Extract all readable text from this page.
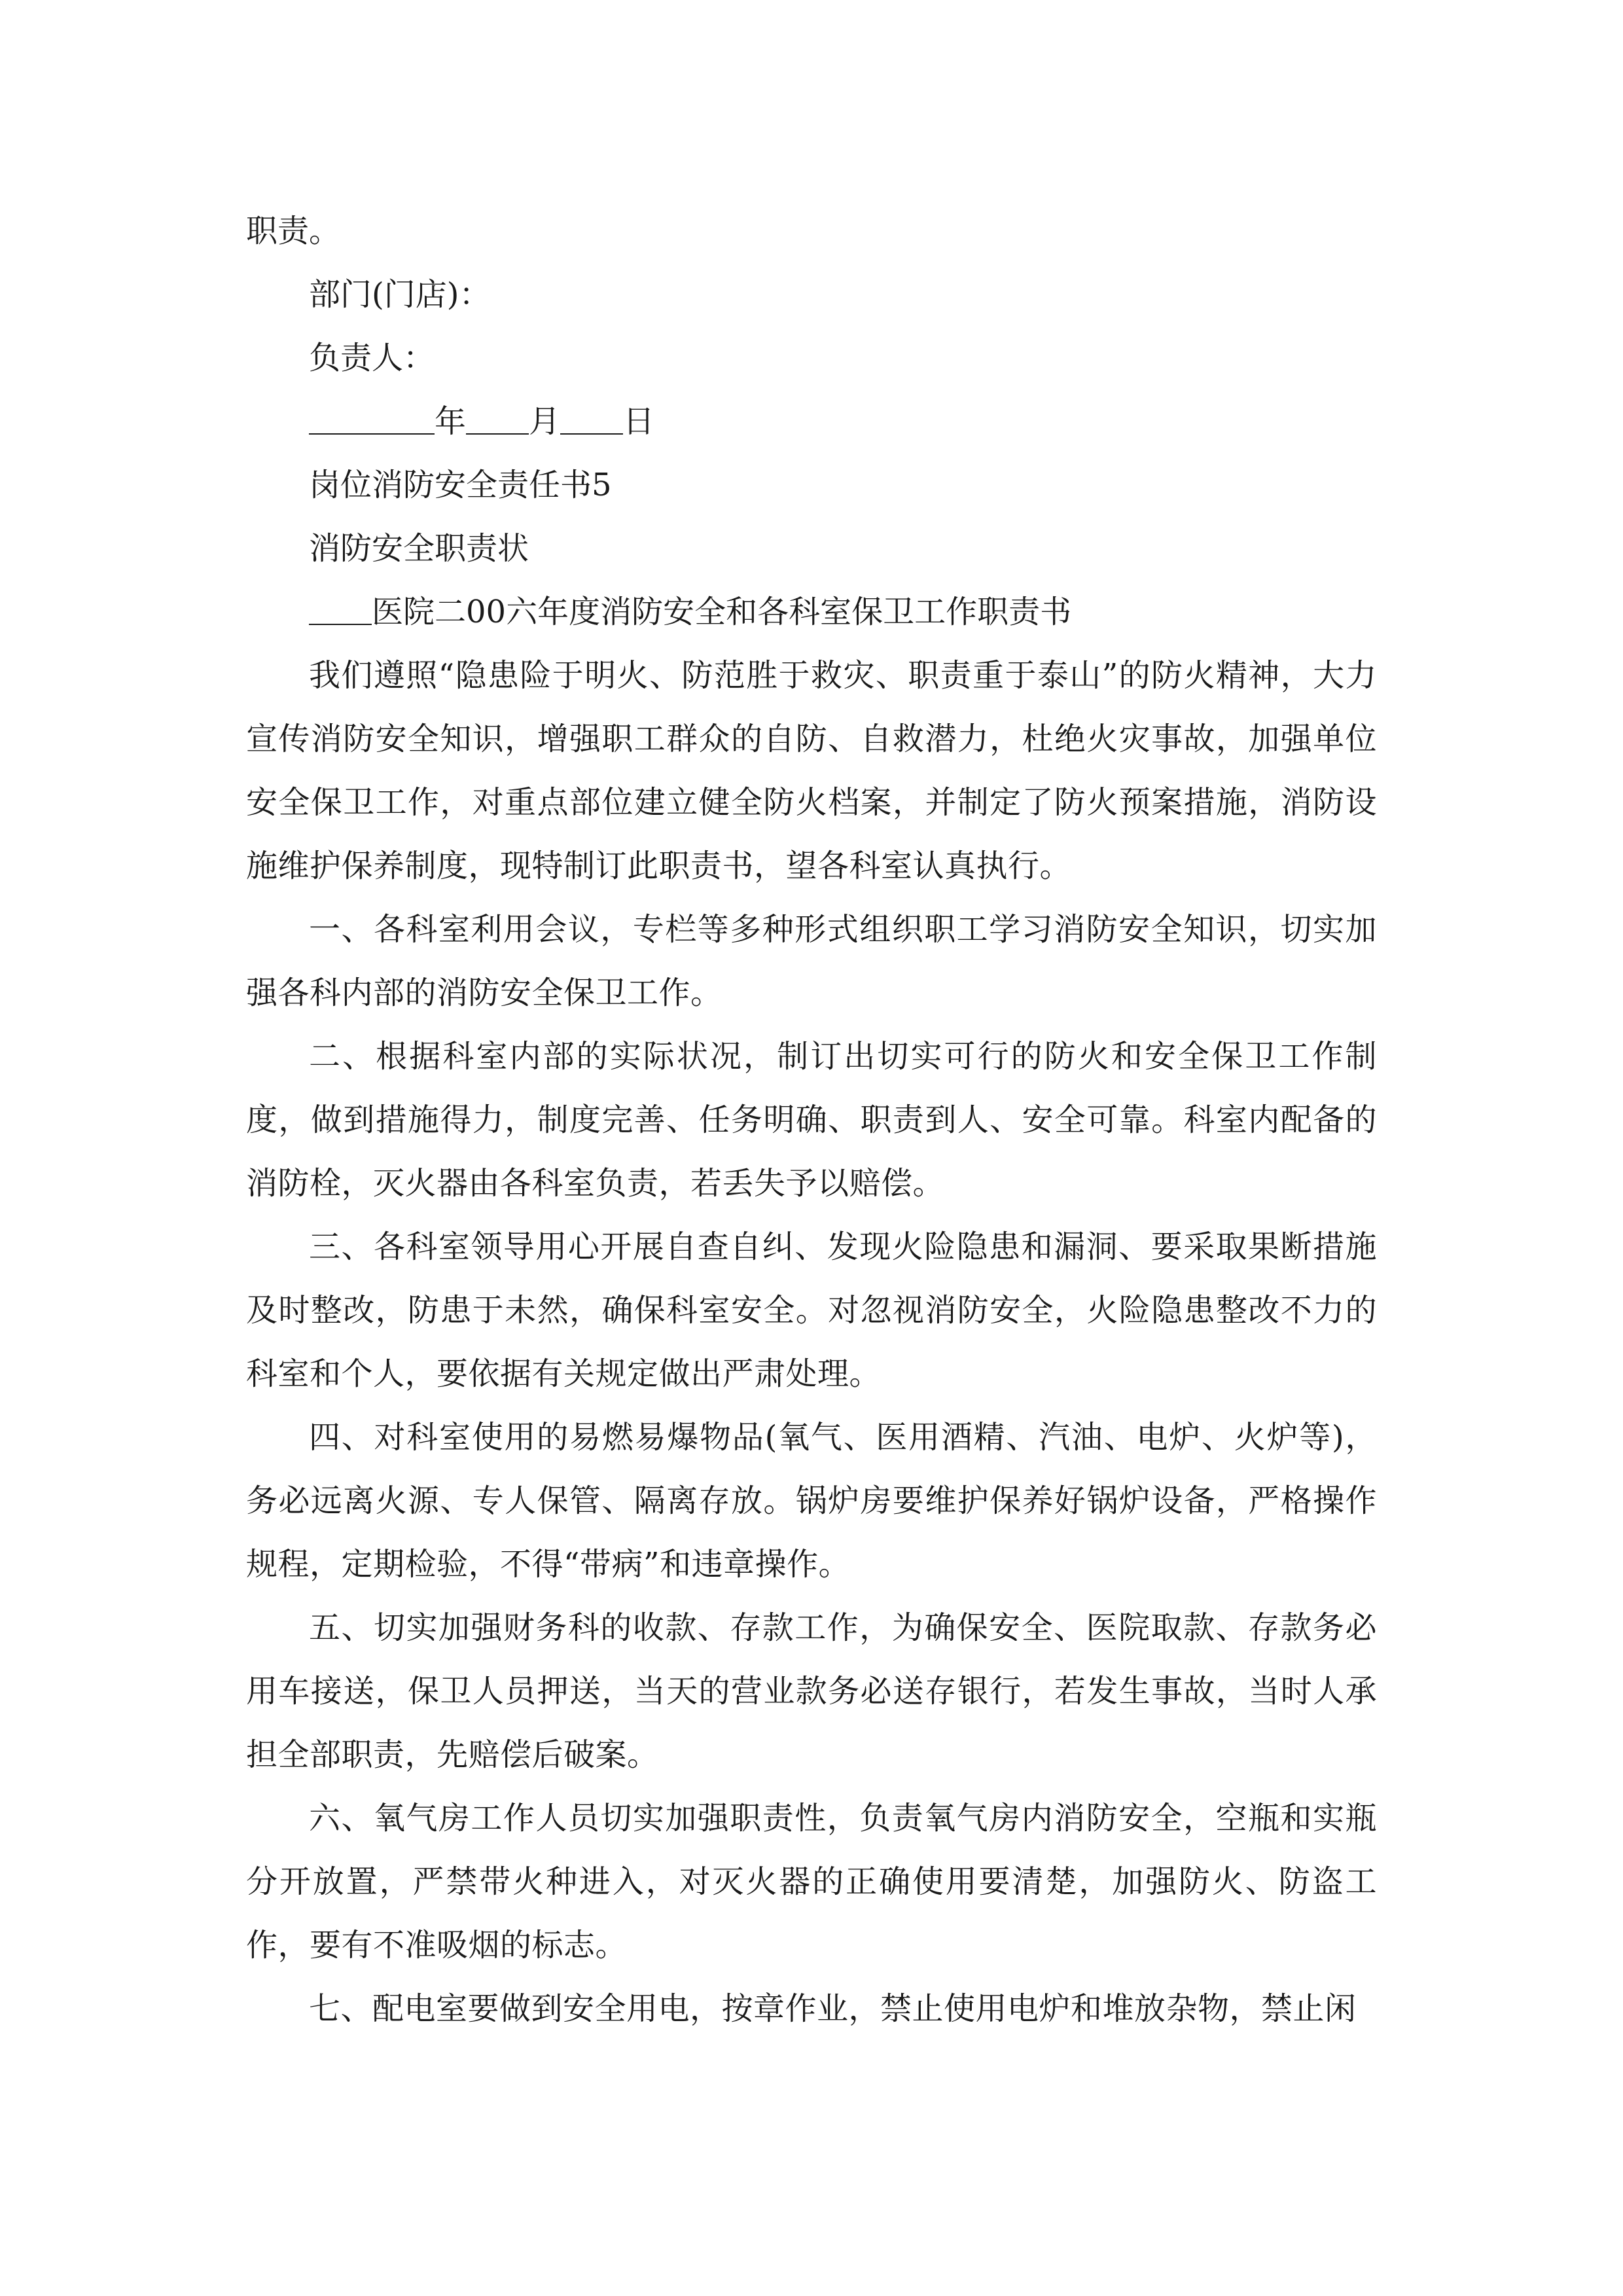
职责。

部门(门店)：

负责人：

年 月 日

岗位消防安全责任书5

消防安全职责状

医院二00六年度消防安全和各科室保卫工作职责书

我们遵照“隐患险于明火、防范胜于救灾、职责重于泰山”的防火精神，大力宣传消防安全知识，增强职工群众的自防、自救潜力，杜绝火灾事故，加强单位安全保卫工作，对重点部位建立健全防火档案，并制定了防火预案措施，消防设施维护保养制度，现特制订此职责书，望各科室认真执行。

一、各科室利用会议，专栏等多种形式组织职工学习消防安全知识，切实加强各科内部的消防安全保卫工作。

二、根据科室内部的实际状况，制订出切实可行的防火和安全保卫工作制度，做到措施得力，制度完善、任务明确、职责到人、安全可靠。科室内配备的消防栓，灭火器由各科室负责，若丢失予以赔偿。

三、各科室领导用心开展自查自纠、发现火险隐患和漏洞、要采取果断措施及时整改，防患于未然，确保科室安全。对忽视消防安全，火险隐患整改不力的科室和个人，要依据有关规定做出严肃处理。

四、对科室使用的易燃易爆物品(氧气、医用酒精、汽油、电炉、火炉等)，务必远离火源、专人保管、隔离存放。锅炉房要维护保养好锅炉设备，严格操作规程，定期检验，不得“带病”和违章操作。

五、切实加强财务科的收款、存款工作，为确保安全、医院取款、存款务必用车接送，保卫人员押送，当天的营业款务必送存银行，若发生事故，当时人承担全部职责，先赔偿后破案。

六、氧气房工作人员切实加强职责性，负责氧气房内消防安全，空瓶和实瓶分开放置，严禁带火种进入，对灭火器的正确使用要清楚，加强防火、防盗工作，要有不准吸烟的标志。

七、配电室要做到安全用电，按章作业，禁止使用电炉和堆放杂物，禁止闲
